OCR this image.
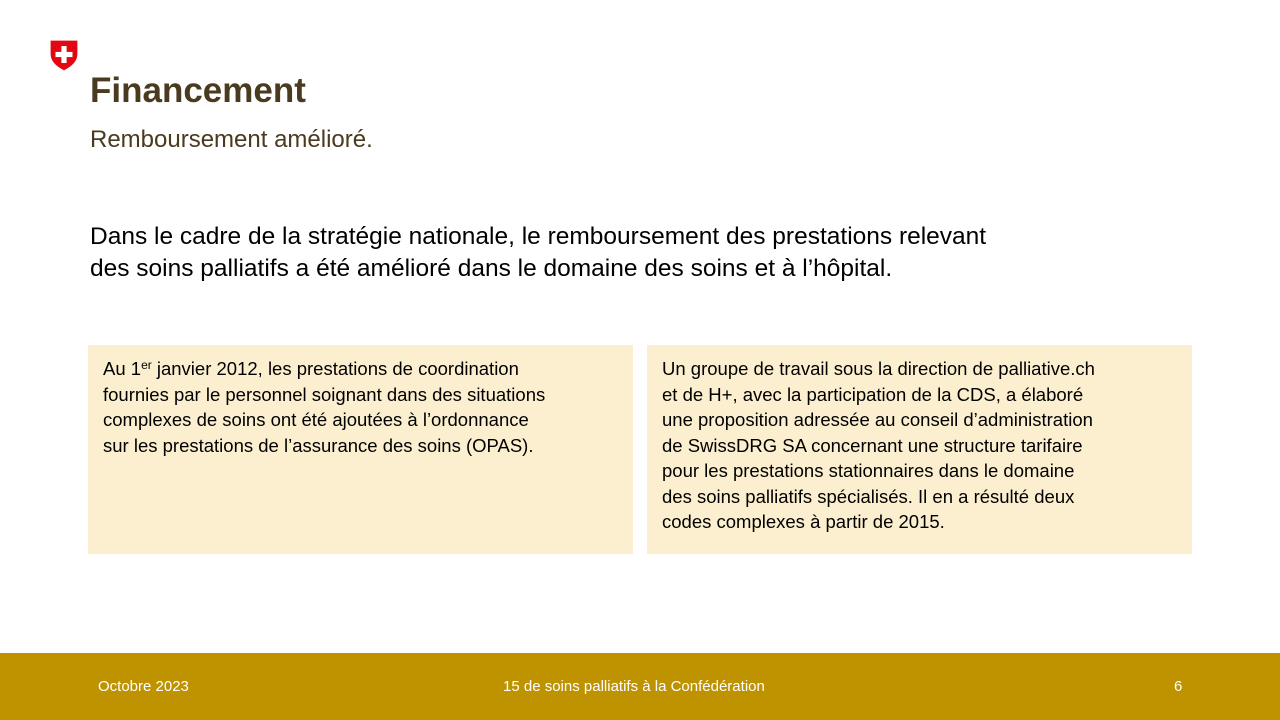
Financement

Remboursement amélioré.

Dans le cadre de la stratégie nationale, le remboursement des prestations relevant
des soins palliatifs a été amélioré dans le domaine des soins et à l’hôpital.

Au 1er janvier 2012, les prestations de coordination
fournies par le personnel soignant dans des situations
complexes de soins ont été ajoutées à l’ordonnance
sur les prestations de l’assurance des soins (OPAS).
Un groupe de travail sous la direction de palliative.ch
et de H+, avec la participation de la CDS, a élaboré
une proposition adressée au conseil d’administration
de SwissDRG SA concernant une structure tarifaire
pour les prestations stationnaires dans le domaine
des soins palliatifs spécialisés. Il en a résulté deux
codes complexes à partir de 2015.
Octobre 2023	15 de soins palliatifs à la Confédération	6
